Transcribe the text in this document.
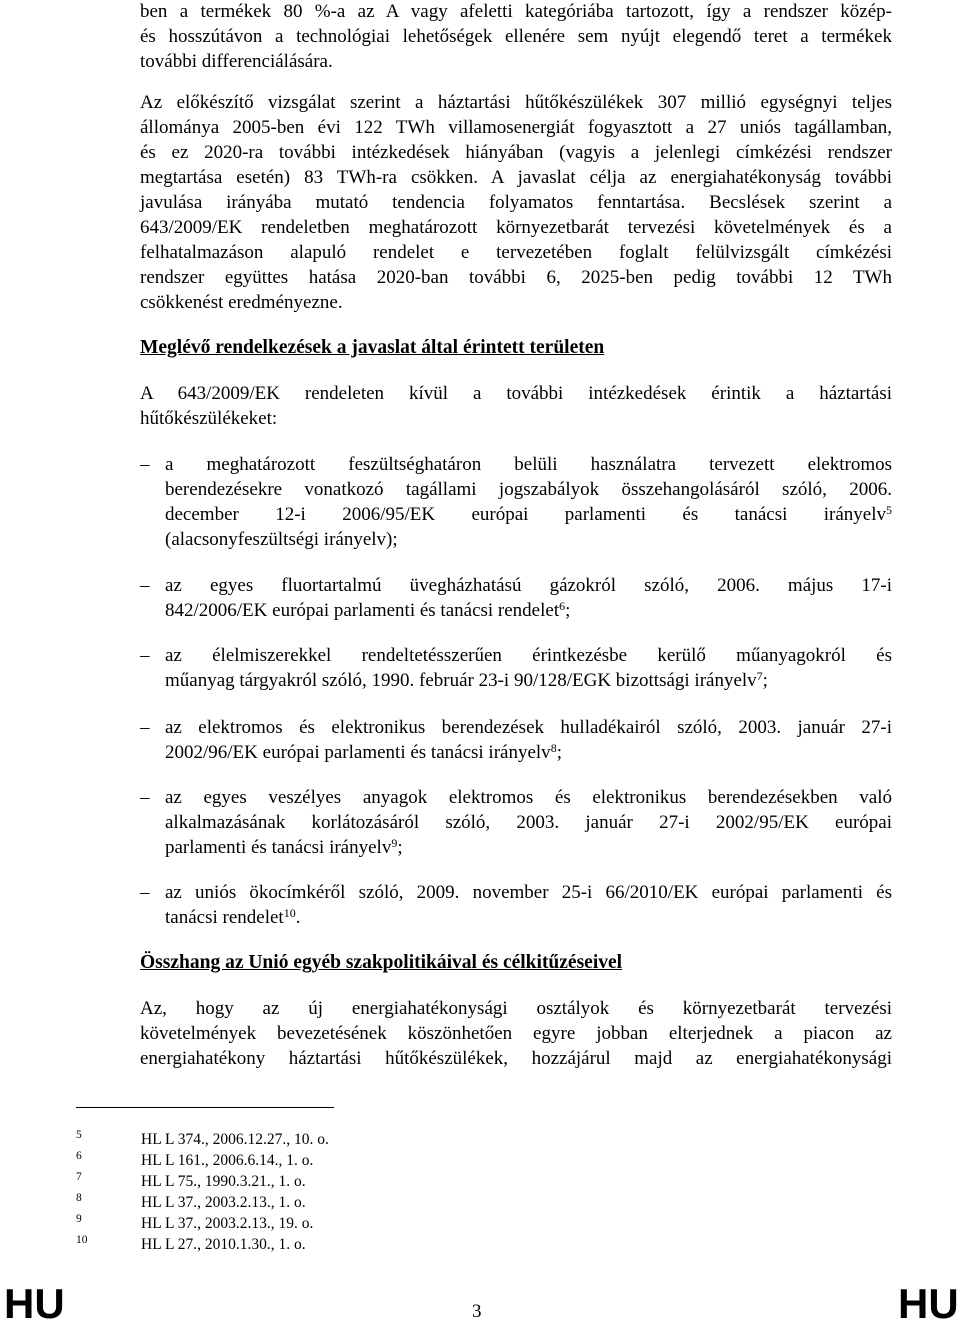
ben a termékek 80 %-a az A vagy afeletti kategóriába tartozott, így a rendszer közép-
és hosszútávon a technológiai lehetőségek ellenére sem nyújt elegendő teret a termékek
további differenciálására.
Az előkészítő vizsgálat szerint a háztartási hűtőkészülékek 307 millió egységnyi teljes
állománya 2005-ben évi 122 TWh villamosenergiát fogyasztott a 27 uniós tagállamban,
és ez 2020-ra további intézkedések hiányában (vagyis a jelenlegi címkézési rendszer
megtartása esetén) 83 TWh-ra csökken. A javaslat célja az energiahatékonyság további
javulása irányába mutató tendencia folyamatos fenntartása. Becslések szerint a
643/2009/EK rendeletben meghatározott környezetbarát tervezési követelmények és a
felhatalmazáson alapuló rendelet e tervezetében foglalt felülvizsgált címkézési
rendszer együttes hatása 2020-ban további 6, 2025-ben pedig további 12 TWh
csökkenést eredményezne.
Meglévő rendelkezések a javaslat által érintett területen
A 643/2009/EK rendeleten kívül a további intézkedések érintik a háztartási
hűtőkészülékeket:
– a meghatározott feszültséghatáron belüli használatra tervezett elektromos
berendezésekre vonatkozó tagállami jogszabályok összehangolásáról szóló, 2006.
december 12-i 2006/95/EK európai parlamenti és tanácsi irányelv$^5$
(alacsonyfeszültségi irányelv);
– az egyes fluortartalmú üvegházhatású gázokról szóló, 2006. május 17-i
842/2006/EK európai parlamenti és tanácsi rendelet$^6$;
– az élelmiszerekkel rendeltetésszerűen érintkezésbe kerülő műanyagokról és
műanyag tárgyakról szóló, 1990. február 23-i 90/128/EGK bizottsági irányelv$^7$;
– az elektromos és elektronikus berendezések hulladékairól szóló, 2003. január 27-i
2002/96/EK európai parlamenti és tanácsi irányelv$^8$;
– az egyes veszélyes anyagok elektromos és elektronikus berendezésekben való
alkalmazásának korlátozásáról szóló, 2003. január 27-i 2002/95/EK európai
parlamenti és tanácsi irányelv$^9$;
– az uniós ökocímkéről szóló, 2009. november 25-i 66/2010/EK európai parlamenti és
tanácsi rendelet$^{10}$.
Összhang az Unió egyéb szakpolitikáival és célkitűzéseivel
Az, hogy az új energiahatékonysági osztályok és környezetbarát tervezési
követelmények bevezetésének köszönhetően egyre jobban elterjednek a piacon az
energiahatékony háztartási hűtőkészülékek, hozzájárul majd az energiahatékonysági
5	HL L 374., 2006.12.27., 10. o.
6	HL L 161., 2006.6.14., 1. o.
7	HL L 75., 1990.3.21., 1. o.
8	HL L 37., 2003.2.13., 1. o.
9	HL L 37., 2003.2.13., 19. o.
10	HL L 27., 2010.1.30., 1. o.
HU	3	HU
